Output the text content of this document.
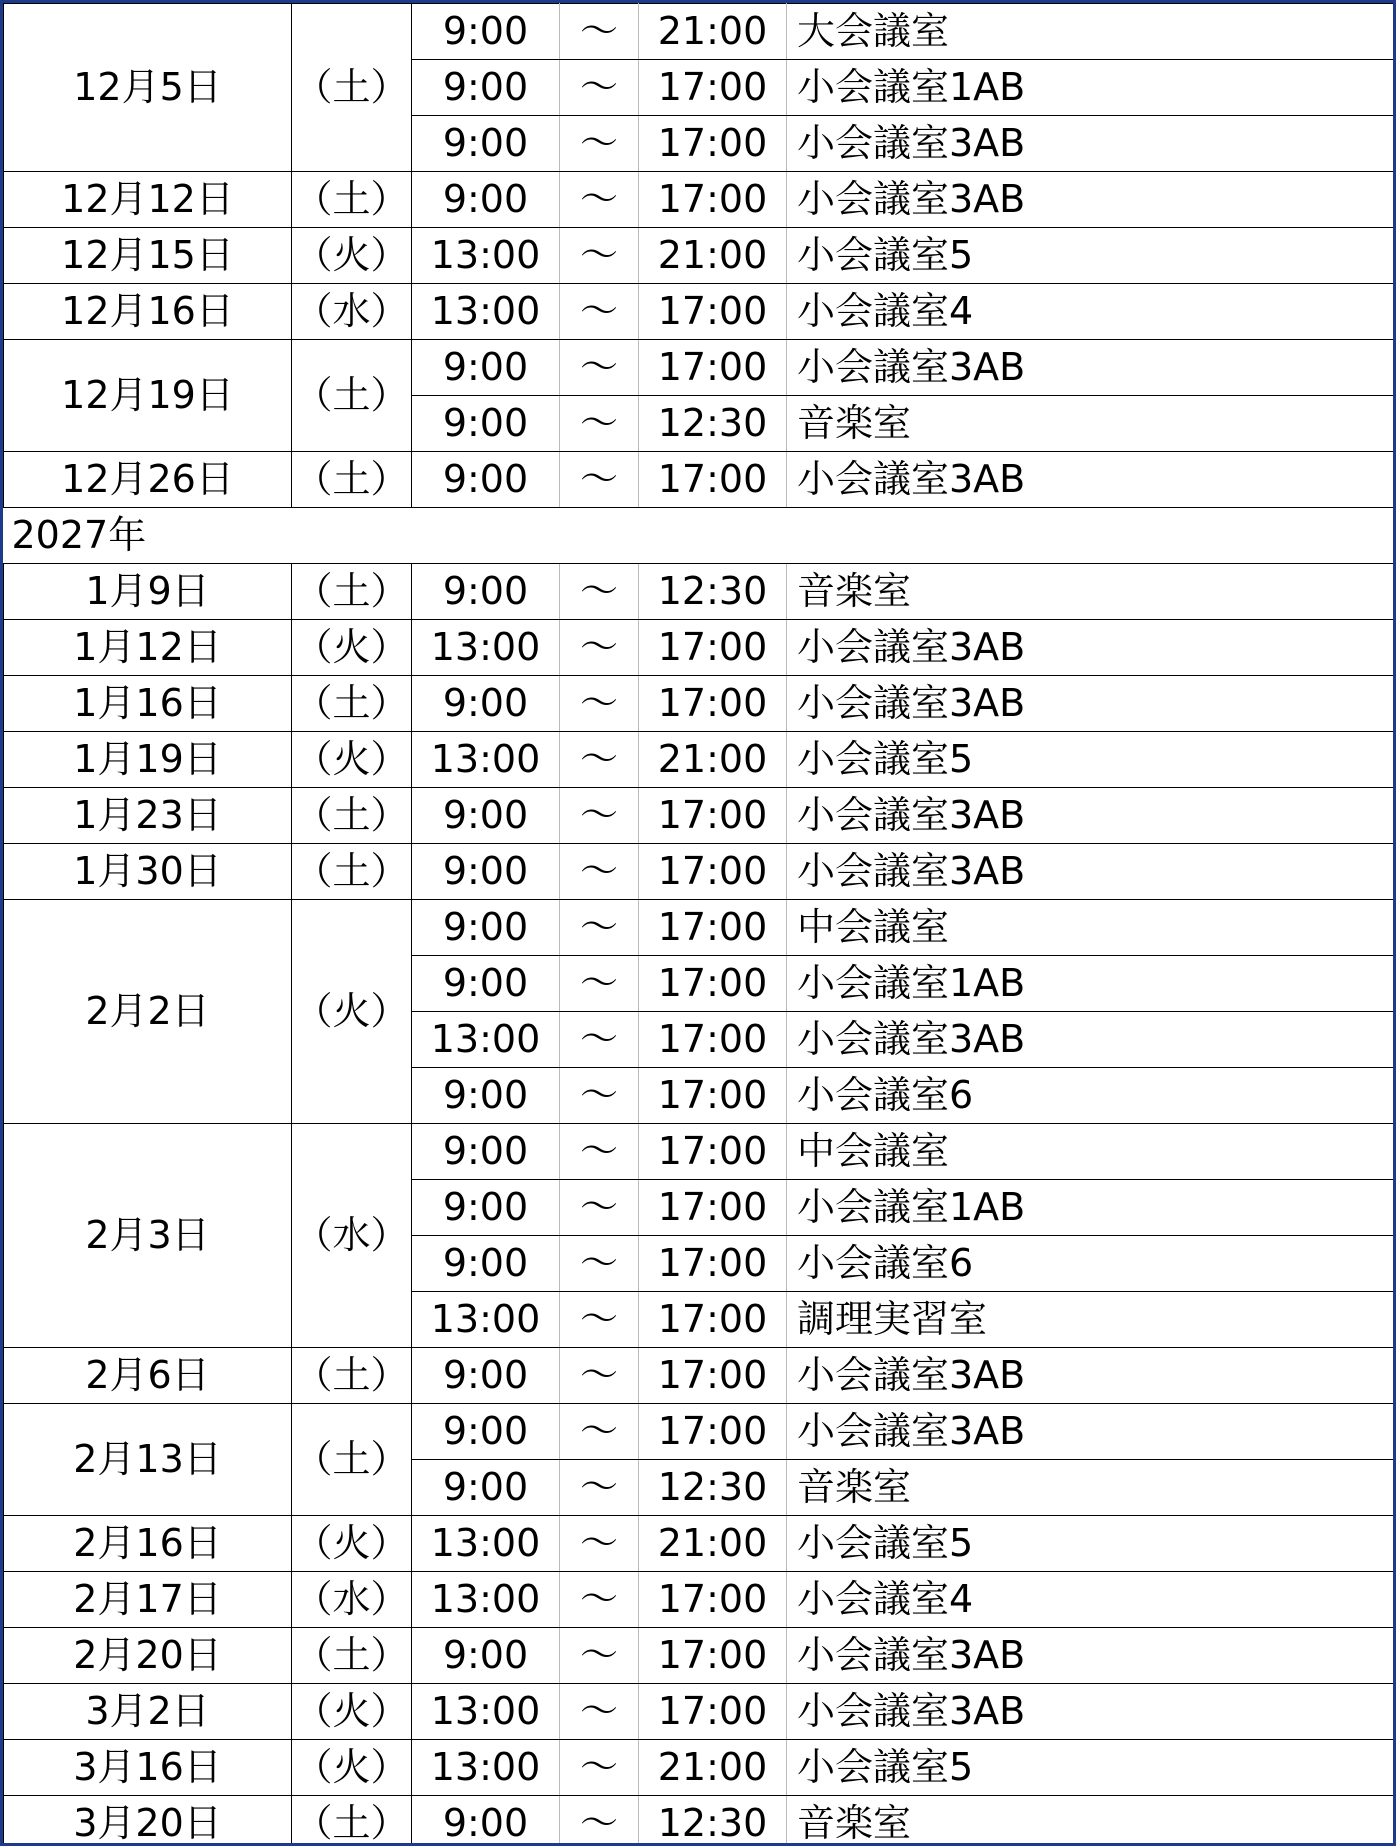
12月5日	（土）	9:00	～	21:00	大会議室
		9:00	～	17:00	小会議室1AB
		9:00	～	17:00	小会議室3AB
12月12日	（土）	9:00	～	17:00	小会議室3AB
12月15日	（火）	13:00	～	21:00	小会議室5
12月16日	（水）	13:00	～	17:00	小会議室4
12月19日	（土）	9:00	～	17:00	小会議室3AB
		9:00	～	12:30	音楽室
12月26日	（土）	9:00	～	17:00	小会議室3AB
2027年					
1月9日	（土）	9:00	～	12:30	音楽室
1月12日	（火）	13:00	～	17:00	小会議室3AB
1月16日	（土）	9:00	～	17:00	小会議室3AB
1月19日	（火）	13:00	～	21:00	小会議室5
1月23日	（土）	9:00	～	17:00	小会議室3AB
1月30日	（土）	9:00	～	17:00	小会議室3AB
2月2日	（火）	9:00	～	17:00	中会議室
		9:00	～	17:00	小会議室1AB
		13:00	～	17:00	小会議室3AB
		9:00	～	17:00	小会議室6
2月3日	（水）	9:00	～	17:00	中会議室
		9:00	～	17:00	小会議室1AB
		9:00	～	17:00	小会議室6
		13:00	～	17:00	調理実習室
2月6日	（土）	9:00	～	17:00	小会議室3AB
2月13日	（土）	9:00	～	17:00	小会議室3AB
		9:00	～	12:30	音楽室
2月16日	（火）	13:00	～	21:00	小会議室5
2月17日	（水）	13:00	～	17:00	小会議室4
2月20日	（土）	9:00	～	17:00	小会議室3AB
3月2日	（火）	13:00	～	17:00	小会議室3AB
3月16日	（火）	13:00	～	21:00	小会議室5
3月20日	（土）	9:00	～	12:30	音楽室
